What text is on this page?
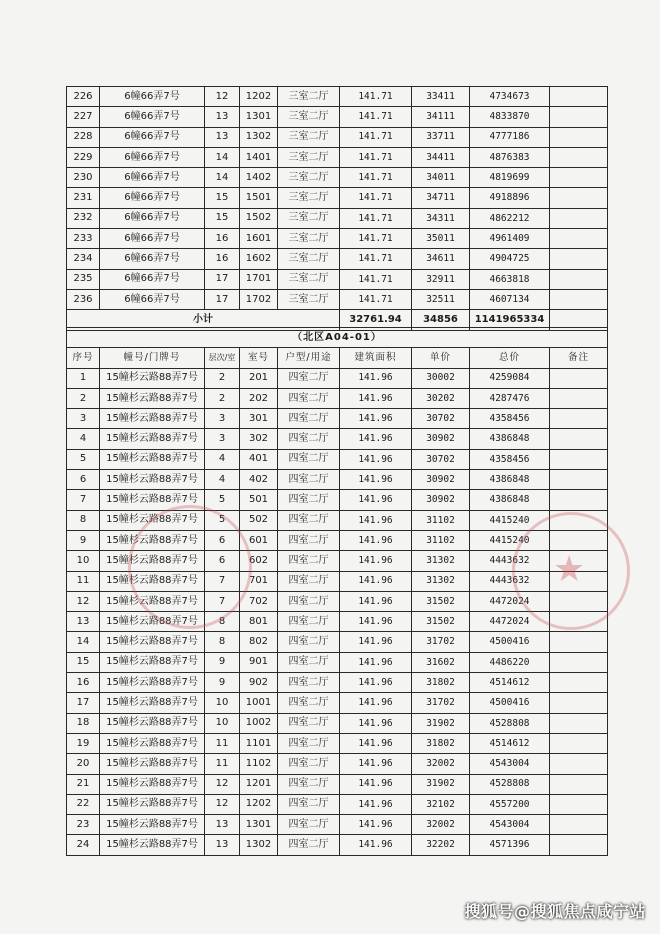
226	6幢66弄7号	12	1202	三室二厅	141.71	33411	4734673	
227	6幢66弄7号	13	1301	三室二厅	141.71	34111	4833870	
228	6幢66弄7号	13	1302	三室二厅	141.71	33711	4777186	
229	6幢66弄7号	14	1401	三室二厅	141.71	34411	4876383	
230	6幢66弄7号	14	1402	三室二厅	141.71	34011	4819699	
231	6幢66弄7号	15	1501	三室二厅	141.71	34711	4918896	
232	6幢66弄7号	15	1502	三室二厅	141.71	34311	4862212	
233	6幢66弄7号	16	1601	三室二厅	141.71	35011	4961409	
234	6幢66弄7号	16	1602	三室二厅	141.71	34611	4904725	
235	6幢66弄7号	17	1701	三室二厅	141.71	32911	4663818	
236	6幢66弄7号	17	1702	三室二厅	141.71	32511	4607134	
小计					32761.94	34856	1141965334	
（北区A04-01）								
序号	幢号/门牌号	层次/室	室号	户型/用途	建筑面积	单价	总价	备注
1	15幢杉云路88弄7号	2	201	四室二厅	141.96	30002	4259084	
2	15幢杉云路88弄7号	2	202	四室二厅	141.96	30202	4287476	
3	15幢杉云路88弄7号	3	301	四室二厅	141.96	30702	4358456	
4	15幢杉云路88弄7号	3	302	四室二厅	141.96	30902	4386848	
5	15幢杉云路88弄7号	4	401	四室二厅	141.96	30702	4358456	
6	15幢杉云路88弄7号	4	402	四室二厅	141.96	30902	4386848	
7	15幢杉云路88弄7号	5	501	四室二厅	141.96	30902	4386848	
8	15幢杉云路88弄7号	5	502	四室二厅	141.96	31102	4415240	
9	15幢杉云路88弄7号	6	601	四室二厅	141.96	31102	4415240	
10	15幢杉云路88弄7号	6	602	四室二厅	141.96	31302	4443632	
11	15幢杉云路88弄7号	7	701	四室二厅	141.96	31302	4443632	
12	15幢杉云路88弄7号	7	702	四室二厅	141.96	31502	4472024	
13	15幢杉云路88弄7号	8	801	四室二厅	141.96	31502	4472024	
14	15幢杉云路88弄7号	8	802	四室二厅	141.96	31702	4500416	
15	15幢杉云路88弄7号	9	901	四室二厅	141.96	31602	4486220	
16	15幢杉云路88弄7号	9	902	四室二厅	141.96	31802	4514612	
17	15幢杉云路88弄7号	10	1001	四室二厅	141.96	31702	4500416	
18	15幢杉云路88弄7号	10	1002	四室二厅	141.96	31902	4528808	
19	15幢杉云路88弄7号	11	1101	四室二厅	141.96	31802	4514612	
20	15幢杉云路88弄7号	11	1102	四室二厅	141.96	32002	4543004	
21	15幢杉云路88弄7号	12	1201	四室二厅	141.96	31902	4528808	
22	15幢杉云路88弄7号	12	1202	四室二厅	141.96	32102	4557200	
23	15幢杉云路88弄7号	13	1301	四室二厅	141.96	32002	4543004	
24	15幢杉云路88弄7号	13	1302	四室二厅	141.96	32202	4571396	
★
搜狐号@搜狐焦点咸宁站
